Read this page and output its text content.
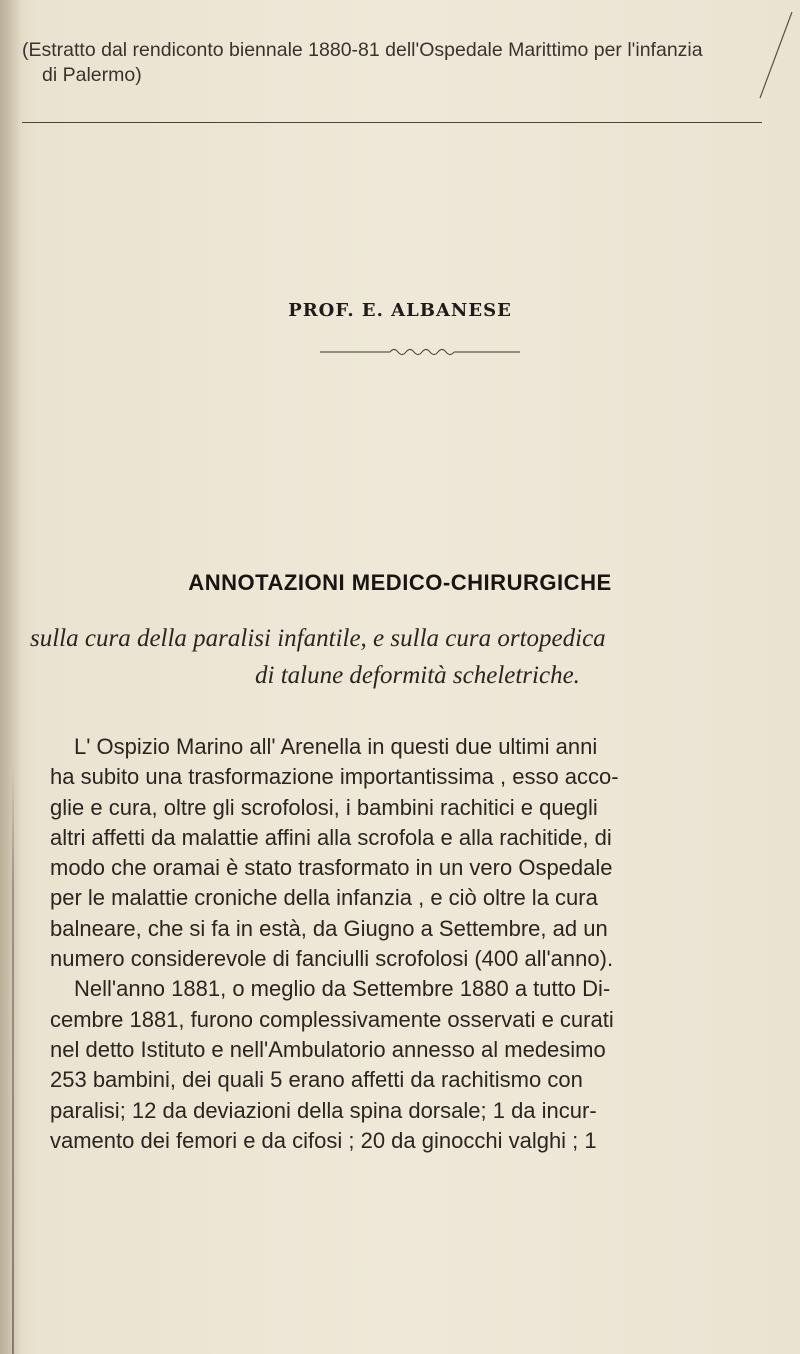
(Estratto dal rendiconto biennale 1880-81 dell'Ospedale Marittimo per l'infanzia
di Palermo)
PROF. E. ALBANESE
ANNOTAZIONI MEDICO-CHIRURGICHE
sulla cura della paralisi infantile, e sulla cura ortopedica
di talune deformità scheletriche.
L' Ospizio Marino all' Arenella in questi due ultimi anni
ha subito una trasformazione importantissima , esso acco-
glie e cura, oltre gli scrofolosi, i bambini rachitici e quegli
altri affetti da malattie affini alla scrofola e alla rachitide, di
modo che oramai è stato trasformato in un vero Ospedale
per le malattie croniche della infanzia , e ciò oltre la cura
balneare, che si fa in està, da Giugno a Settembre, ad un
numero considerevole di fanciulli scrofolosi (400 all'anno).
Nell'anno 1881, o meglio da Settembre 1880 a tutto Di-
cembre 1881, furono complessivamente osservati e curati
nel detto Istituto e nell'Ambulatorio annesso al medesimo
253 bambini, dei quali 5 erano affetti da rachitismo con
paralisi; 12 da deviazioni della spina dorsale; 1 da incur-
vamento dei femori e da cifosi ; 20 da ginocchi valghi ; 1
